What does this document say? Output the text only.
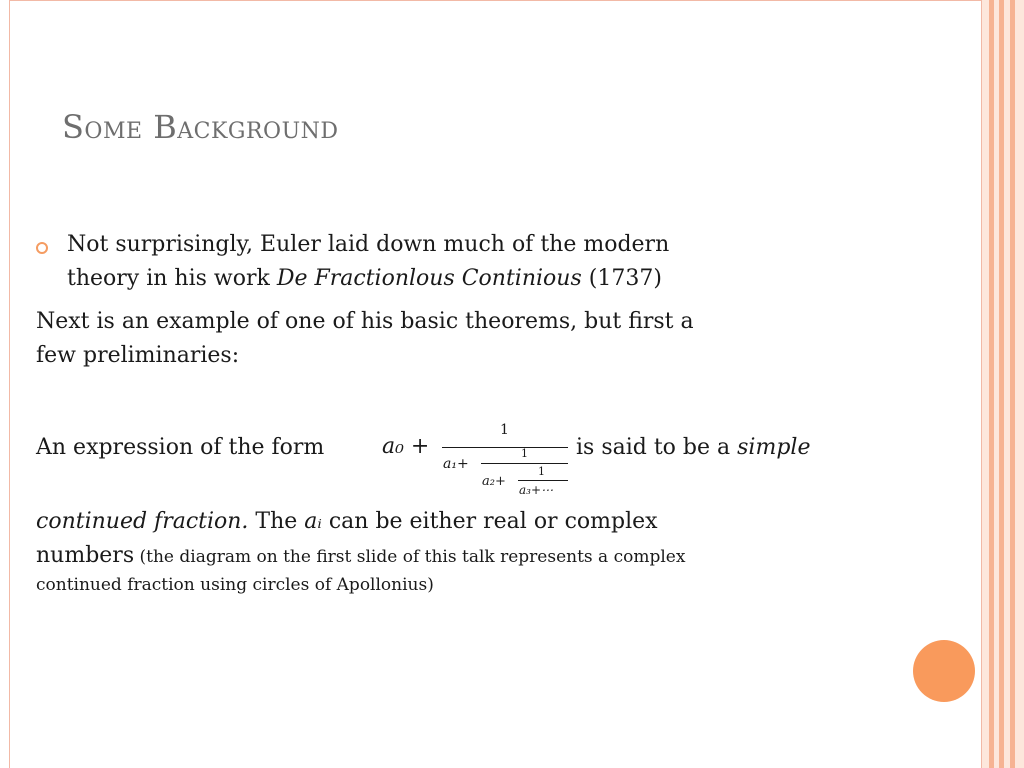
Some Background
Not surprisingly, Euler laid down much of the modern
theory in his work De Fractionlous Continious (1737)
Next is an example of one of his basic theorems, but first a
few preliminaries:
An expression of the form	a₀ +
1
a₁+
1
a₂+
1
a₃+⋯
is said to be a simple
continued fraction. The aᵢ can be either real or complex
numbers (the diagram on the first slide of this talk represents a complex
continued fraction using circles of Apollonius)
